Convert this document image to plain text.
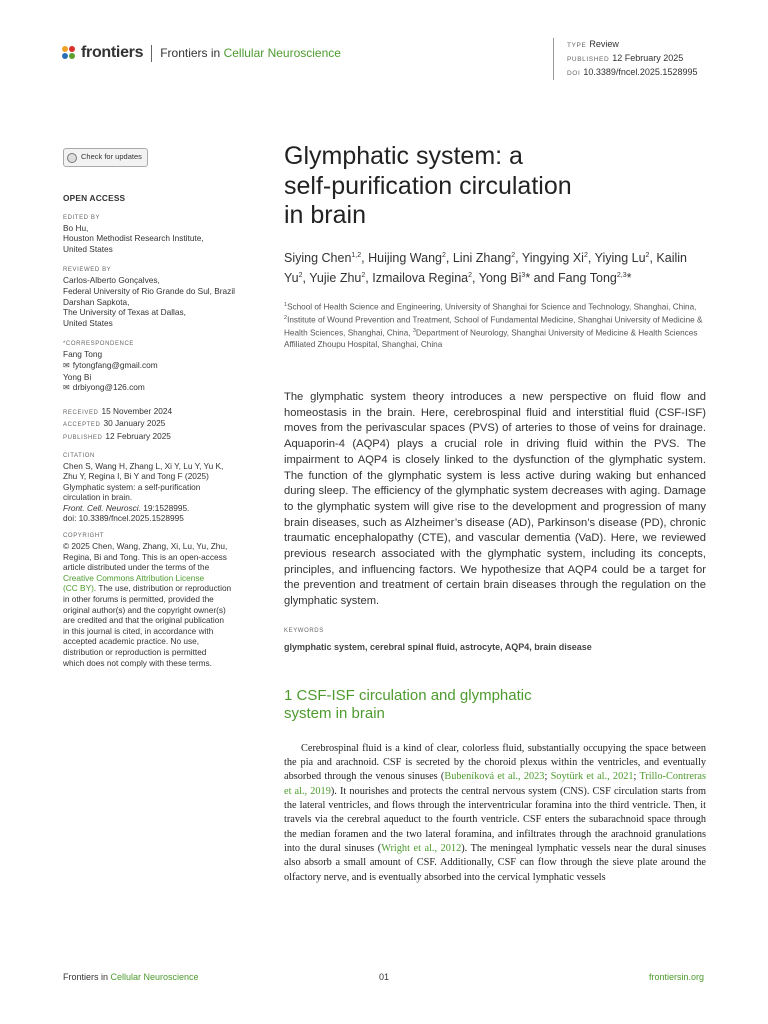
frontiers Frontiers in Cellular Neuroscience
TYPE Review
PUBLISHED 12 February 2025
DOI 10.3389/fncel.2025.1528995
Check for updates
OPEN ACCESS
EDITED BY
Bo Hu,
Houston Methodist Research Institute,
United States
REVIEWED BY
Carlos-Alberto Gonçalves,
Federal University of Rio Grande do Sul, Brazil
Darshan Sapkota,
The University of Texas at Dallas,
United States
*CORRESPONDENCE
Fang Tong
✉ fytongfang@gmail.com
Yong Bi
✉ drbiyong@126.com
RECEIVED 15 November 2024
ACCEPTED 30 January 2025
PUBLISHED 12 February 2025
CITATION
Chen S, Wang H, Zhang L, Xi Y, Lu Y, Yu K,
Zhu Y, Regina I, Bi Y and Tong F (2025)
Glymphatic system: a self-purification
circulation in brain.
Front. Cell. Neurosci. 19:1528995.
doi: 10.3389/fncel.2025.1528995
COPYRIGHT
© 2025 Chen, Wang, Zhang, Xi, Lu, Yu, Zhu,
Regina, Bi and Tong. This is an open-access
article distributed under the terms of the
Creative Commons Attribution License
(CC BY). The use, distribution or reproduction
in other forums is permitted, provided the
original author(s) and the copyright owner(s)
are credited and that the original publication
in this journal is cited, in accordance with
accepted academic practice. No use,
distribution or reproduction is permitted
which does not comply with these terms.
Glymphatic system: a
self-purification circulation
in brain
Siying Chen$^{1,2}$, Huijing Wang$^2$, Lini Zhang$^2$, Yingying Xi$^2$, Yiying Lu$^2$, Kailin Yu$^2$, Yujie Zhu$^2$, Izmailova Regina$^2$, Yong Bi$^3$* and Fang Tong$^{2,3}$*
$^1$School of Health Science and Engineering, University of Shanghai for Science and Technology, Shanghai, China, $^2$Institute of Wound Prevention and Treatment, School of Fundamental Medicine, Shanghai University of Medicine & Health Sciences, Shanghai, China, $^3$Department of Neurology, Shanghai University of Medicine & Health Sciences Affiliated Zhoupu Hospital, Shanghai, China
The glymphatic system theory introduces a new perspective on fluid flow and homeostasis in the brain. Here, cerebrospinal fluid and interstitial fluid (CSF-ISF) moves from the perivascular spaces (PVS) of arteries to those of veins for drainage. Aquaporin-4 (AQP4) plays a crucial role in driving fluid within the PVS. The impairment to AQP4 is closely linked to the dysfunction of the glymphatic system. The function of the glymphatic system is less active during waking but enhanced during sleep. The efficiency of the glymphatic system decreases with aging. Damage to the glymphatic system will give rise to the development and progression of many brain diseases, such as Alzheimer’s disease (AD), Parkinson’s disease (PD), chronic traumatic encephalopathy (CTE), and vascular dementia (VaD). Here, we reviewed previous research associated with the glymphatic system, including its concepts, principles, and influencing factors. We hypothesize that AQP4 could be a target for the prevention and treatment of certain brain diseases through the regulation on the glymphatic system.
KEYWORDS
glymphatic system, cerebral spinal fluid, astrocyte, AQP4, brain disease
1 CSF-ISF circulation and glymphatic
system in brain
Cerebrospinal fluid is a kind of clear, colorless fluid, substantially occupying the space between the pia and arachnoid. CSF is secreted by the choroid plexus within the ventricles, and eventually absorbed through the venous sinuses (Bubeníková et al., 2023; Soytürk et al., 2021; Trillo-Contreras et al., 2019). It nourishes and protects the central nervous system (CNS). CSF circulation starts from the lateral ventricles, and flows through the interventricular foramina into the third ventricle. Then, it travels via the cerebral aqueduct to the fourth ventricle. CSF enters the subarachnoid space through the median foramen and the two lateral foramina, and infiltrates through the arachnoid granulations into the dural sinuses (Wright et al., 2012). The meningeal lymphatic vessels near the dural sinuses also absorb a small amount of CSF. Additionally, CSF can flow through the sieve plate around the olfactory nerve, and is eventually absorbed into the cervical lymphatic vessels
Frontiers in Cellular Neuroscience	01	frontiersin.org
